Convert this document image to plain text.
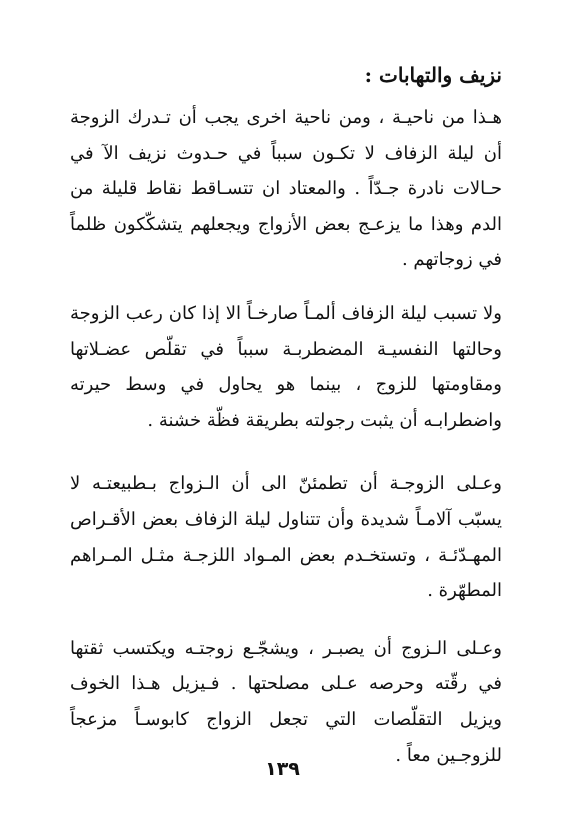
نزيف والتهابات :

هـذا من ناحيـة ، ومن ناحية اخرى يجب أن تـدرك الزوجة أن ليلة الزفاف لا تكـون سبباً في حـدوث نزيف الآ في حـالات نادرة جـدّاً . والمعتاد ان تتسـاقط نقاط قليلة من الدم وهذا ما يزعـج بعض الأزواج ويجعلهم يتشكّكون ظلماً في زوجاتهم .

ولا تسبب ليلة الزفاف ألمـاً صارخـاً الا إذا كان رعب الزوجة وحالتها النفسيـة المضطربـة سبباً في تقلّص عضـلاتها ومقاومتها للزوج ، بينما هو يحاول في وسط حيرته واضطرابـه أن يثبت رجولته بطريقة فظّة خشنة .

وعـلى الزوجـة أن تطمئنّ الى أن الـزواج بـطبيعتـه لا يسبّب آلامـاً شديدة وأن تتناول ليلة الزفاف بعض الأقـراص المهـدّئـة ، وتستخـدم بعض المـواد اللزجـة مثـل المـراهم المطهّرة .

وعـلى الـزوج أن يصبـر ، ويشجّـع زوجتـه ويكتسب ثقتها في رقّته وحرصه عـلى مصلحتها . فـيزيل هـذا الخوف ويزيل التقلّصات التي تجعل الزواج كابوسـاً مزعجاً للزوجـين معاً .

١٣٩
